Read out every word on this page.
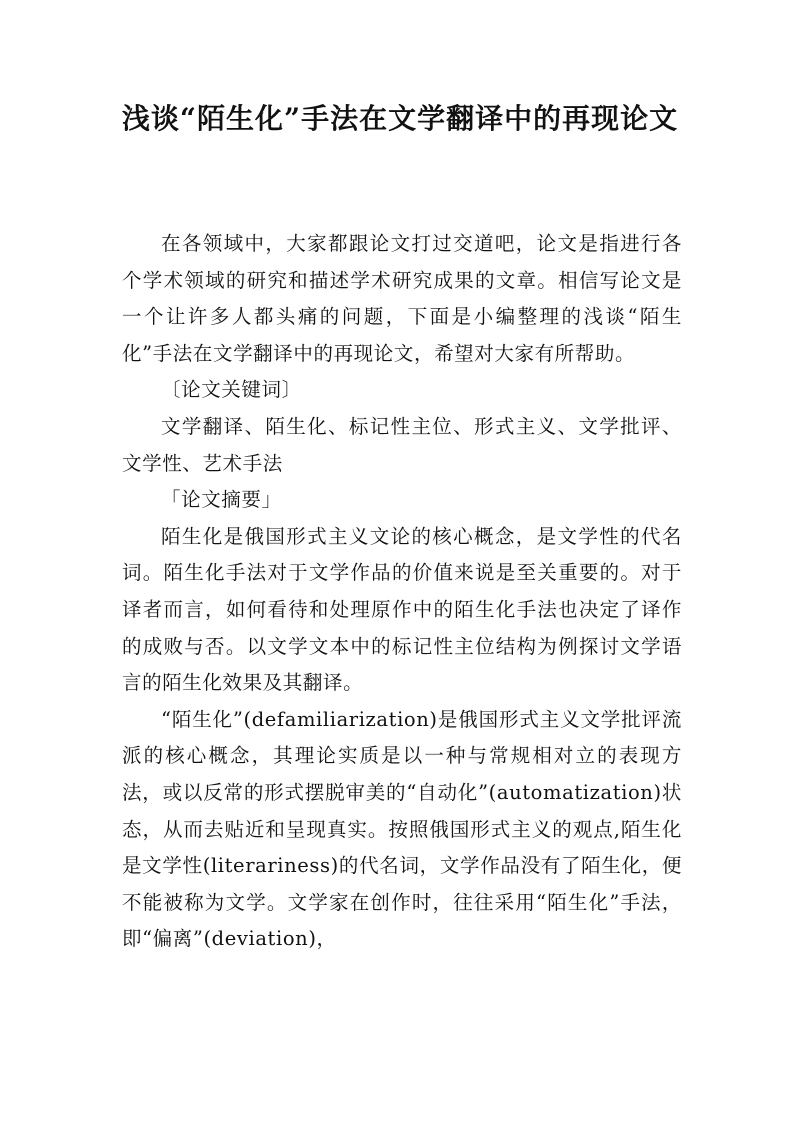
浅谈“陌生化”手法在文学翻译中的再现论文

在各领域中，大家都跟论文打过交道吧，论文是指进行各个学术领域的研究和描述学术研究成果的文章。相信写论文是一个让许多人都头痛的问题，下面是小编整理的浅谈“陌生化”手法在文学翻译中的再现论文，希望对大家有所帮助。

〔论文关键词〕

文学翻译、陌生化、标记性主位、形式主义、文学批评、文学性、艺术手法

「论文摘要」

陌生化是俄国形式主义文论的核心概念，是文学性的代名词。陌生化手法对于文学作品的价值来说是至关重要的。对于译者而言，如何看待和处理原作中的陌生化手法也决定了译作的成败与否。以文学文本中的标记性主位结构为例探讨文学语言的陌生化效果及其翻译。

“陌生化”(defamiliarization)是俄国形式主义文学批评流派的核心概念，其理论实质是以一种与常规相对立的表现方法，或以反常的形式摆脱审美的“自动化”(automatization)状态，从而去贴近和呈现真实。按照俄国形式主义的观点,陌生化是文学性(literariness)的代名词，文学作品没有了陌生化，便不能被称为文学。文学家在创作时，往往采用“陌生化”手法，即“偏离”(deviation)，
